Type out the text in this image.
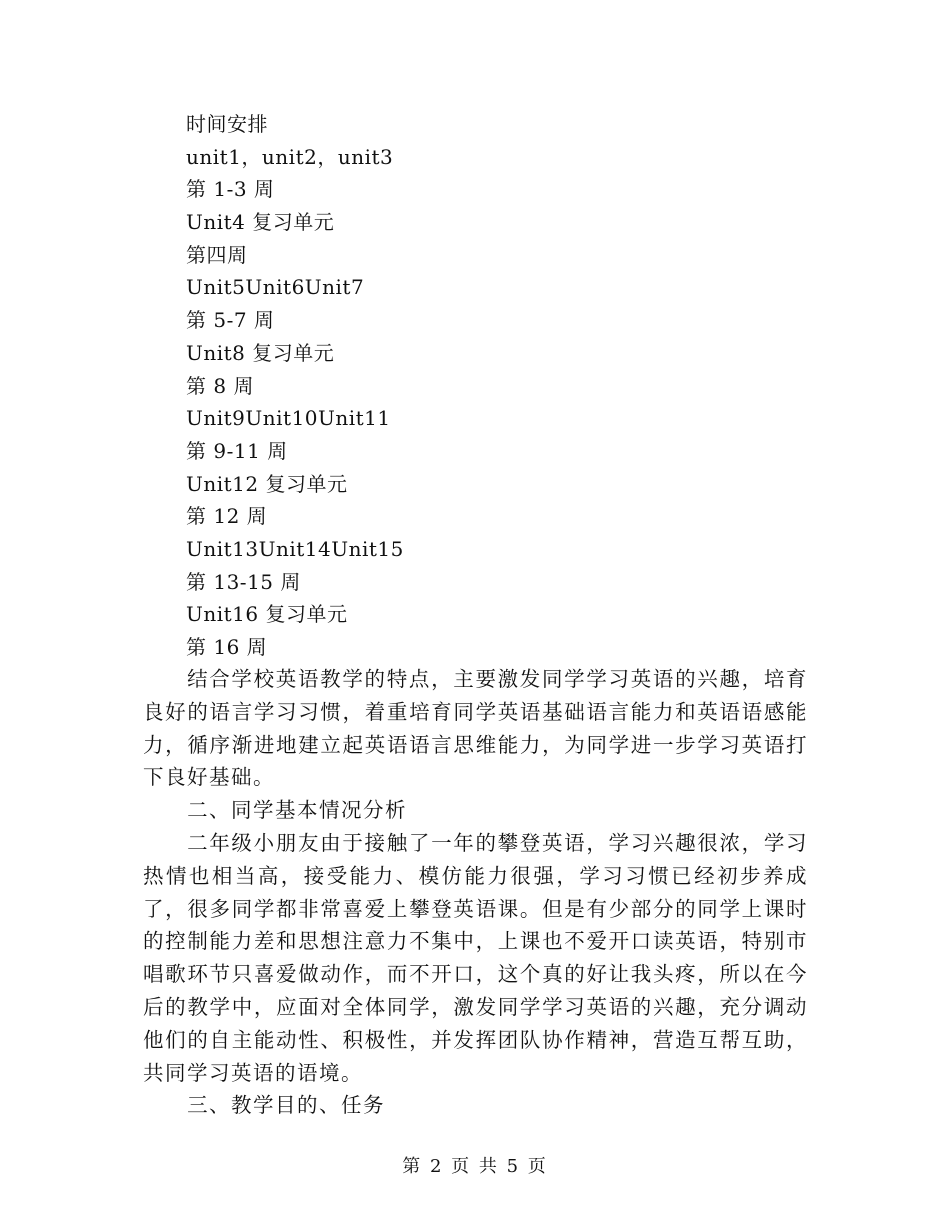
时间安排
unit1，unit2，unit3
第 1-3 周
Unit4 复习单元
第四周
Unit5Unit6Unit7
第 5-7 周
Unit8 复习单元
第 8 周
Unit9Unit10Unit11
第 9-11 周
Unit12 复习单元
第 12 周
Unit13Unit14Unit15
第 13-15 周
Unit16 复习单元
第 16 周

结合学校英语教学的特点，主要激发同学学习英语的兴趣，培育良好的语言学习习惯，着重培育同学英语基础语言能力和英语语感能力，循序渐进地建立起英语语言思维能力，为同学进一步学习英语打下良好基础。

二、同学基本情况分析

二年级小朋友由于接触了一年的攀登英语，学习兴趣很浓，学习热情也相当高，接受能力、模仿能力很强，学习习惯已经初步养成了，很多同学都非常喜爱上攀登英语课。但是有少部分的同学上课时的控制能力差和思想注意力不集中，上课也不爱开口读英语，特别市唱歌环节只喜爱做动作，而不开口，这个真的好让我头疼，所以在今后的教学中，应面对全体同学，激发同学学习英语的兴趣，充分调动他们的自主能动性、积极性，并发挥团队协作精神，营造互帮互助，共同学习英语的语境。

三、教学目的、任务

第 2 页 共 5 页
